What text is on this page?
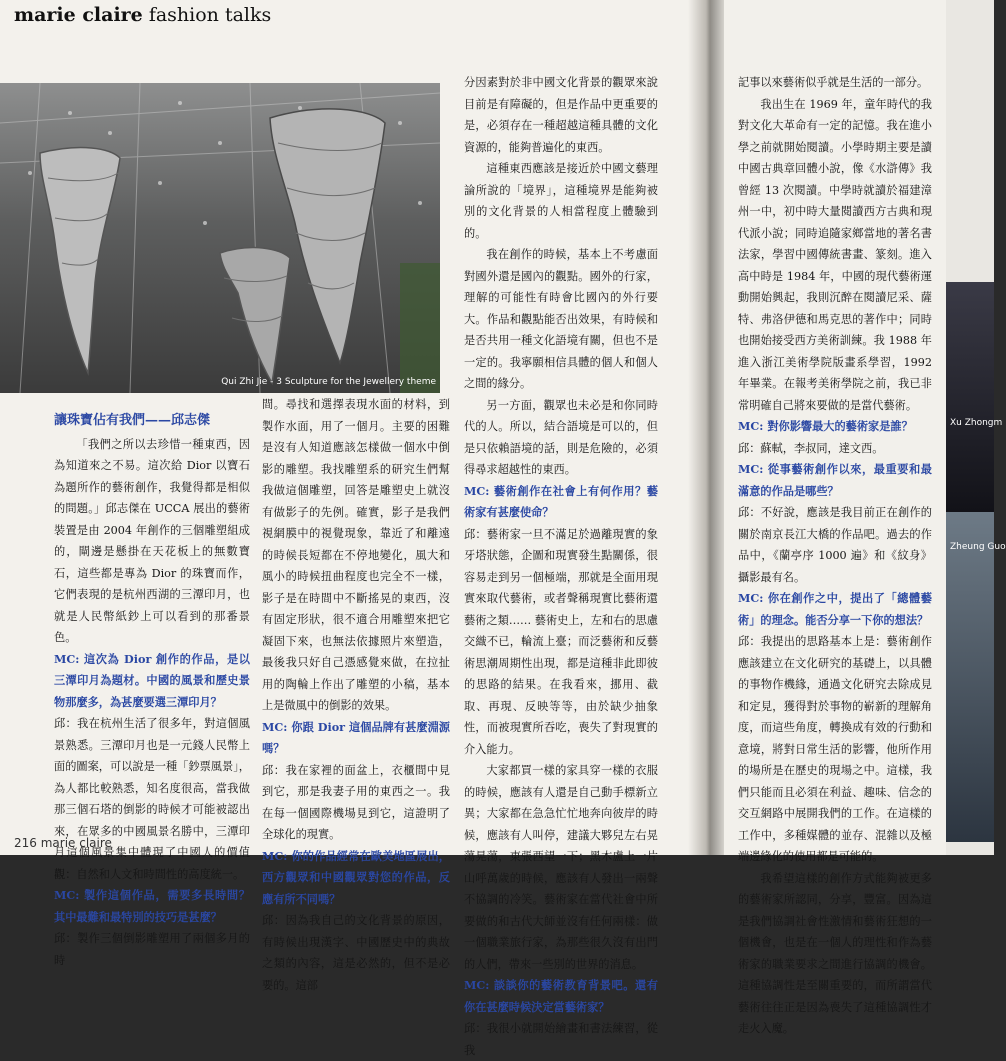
marie claire fashion talks
Qui Zhi Jie - 3 Sculpture for the Jewellery theme

讓珠寶佔有我們——邱志傑

「我們之所以去珍惜一種東西，因為知道來之不易。這次給 Dior 以寶石為題所作的藝術創作，我覺得都是相似的問題。」邱志傑在 UCCA 展出的藝術裝置是由 2004 年創作的三個雕塑組成的，閘邊是懸掛在天花板上的無數寶石，這些都是專為 Dior 的珠寶而作，它們表現的是杭州西湖的三潭印月，也就是人民幣紙鈔上可以看到的那番景色。

MC: 這次為 Dior 創作的作品，是以三潭印月為題材。中國的風景和歷史景物那麼多，為甚麼要選三潭印月？

邱：我在杭州生活了很多年，對這個風景熟悉。三潭印月也是一元錢人民幣上面的圖案，可以說是一種「鈔票風景」，為人都比較熟悉，知名度很高，當我做那三個石塔的倒影的時候才可能被認出來，在眾多的中國風景名勝中，三潭印月這個風景集中體現了中國人的價值觀：自然和人文和時間性的高度統一。

MC: 製作這個作品，需要多長時間？其中最難和最特別的技巧是甚麼？

邱：製作三個倒影雕塑用了兩個多月的時

間。尋找和選擇表現水面的材料，到製作水面，用了一個月。主要的困難是沒有人知道應該怎樣做一個水中倒影的雕塑。我找雕塑系的研究生們幫我做這個雕塑，回答是雕塑史上就沒有做影子的先例。確實，影子是我們視網膜中的視覺現象，靠近了和離遠的時候長短都在不停地變化，風大和風小的時候扭曲程度也完全不一樣，影子是在時間中不斷搖晃的東西，沒有固定形狀，很不適合用雕塑來把它凝固下來，也無法依據照片來塑造，最後我只好自己憑感覺來做，在拉扯用的陶輪上作出了雕塑的小稿，基本上是微風中的倒影的效果。

MC: 你跟 Dior 這個品牌有甚麼淵源嗎？

邱：我在家裡的面盆上，衣櫃間中見到它，那是我妻子用的東西之一。我在每一個國際機場見到它，這證明了全球化的現實。

MC: 你的作品經常在歐美地區展出，西方觀眾和中國觀眾對您的作品，反應有所不同嗎？

邱：因為我自己的文化背景的原因，有時候出現漢字、中國歷史中的典故之類的內容，這是必然的，但不是必要的。這部

分因素對於非中國文化背景的觀眾來說目前是有障礙的，但是作品中更重要的是，必須存在一種超越這種具體的文化資源的，能夠普遍化的東西。

這種東西應該是接近於中國文藝理論所說的「境界」，這種境界是能夠被別的文化背景的人相當程度上體驗到的。

我在創作的時候，基本上不考慮面對國外還是國內的觀點。國外的行家，理解的可能性有時會比國內的外行要大。作品和觀點能否出效果，有時候和是否共用一種文化語境有關，但也不是一定的。我寧願相信具體的個人和個人之間的緣分。

另一方面，觀眾也未必是和你同時代的人。所以，結合語境是可以的，但是只依賴語境的話，則是危險的，必須得尋求超越性的東西。

MC: 藝術創作在社會上有何作用？藝術家有甚麼使命？

邱：藝術家一旦不滿足於過離現實的象牙塔狀態，企圖和現實發生點關係，很容易走到另一個極端，那就是全面用現實來取代藝術，或者聲稱現實比藝術還藝術之類…… 藝術史上，左和右的思慮交織不已，輪流上臺；而泛藝術和反藝術思潮周期性出現，都是這種非此即彼的思路的結果。在我看來，挪用、截取、再現、反映等等，由於缺少抽象性，而被現實所吞吃，喪失了對現實的介入能力。

大家都買一樣的家具穿一樣的衣服的時候，應該有人還是自己動手標新立異；大家都在急急忙忙地奔向彼岸的時候，應該有人叫停，建議大夥兒左右晃蕩晃蕩，東張西望一下；黑木盧上一片山呼萬歲的時候，應該有人發出一兩聲不協調的冷笑。藝術家在當代社會中所要做的和古代大師並沒有任何兩樣：做一個職業旅行家，為那些很久沒有出門的人們，帶來一些別的世界的消息。

MC: 談談你的藝術教育背景吧。還有你在甚麼時候決定當藝術家？

邱：我很小就開始繪畫和書法練習，從我

216 marie claire

記事以來藝術似乎就是生活的一部分。

我出生在 1969 年，童年時代的我對文化大革命有一定的記憶。我在進小學之前就開始閱讀。小學時期主要是讀中國古典章回體小說，像《水滸傳》我曾經 13 次閱讀。中學時就讀於福建漳州一中，初中時大量閱讀西方古典和現代派小說；同時追隨家鄉當地的著名書法家，學習中國傳統書畫、篆刻。進入高中時是 1984 年，中國的現代藝術運動開始興起，我則沉醉在閱讀尼采、薩特、弗洛伊德和馬克思的著作中；同時也開始接受西方美術訓練。我 1988 年進入浙江美術學院版畫系學習，1992 年畢業。在報考美術學院之前，我已非常明確自己將來要做的是當代藝術。

MC: 對你影響最大的藝術家是誰？

邱：蘇軾，李叔同，達文西。

MC: 從事藝術創作以來，最重要和最滿意的作品是哪些？

邱：不好說，應該是我目前正在創作的關於南京長江大橋的作品吧。過去的作品中，《蘭亭序 1000 遍》和《紋身》攝影最有名。

MC: 你在創作之中，提出了「總體藝術」的理念。能否分享一下你的想法？

邱：我提出的思路基本上是：藝術創作應該建立在文化研究的基礎上，以具體的事物作機緣，通過文化研究去除成見和定見，獲得對於事物的嶄新的理解角度，而這些角度，轉換成有效的行動和意境，將對日常生活的影響，他所作用的場所是在歷史的現場之中。這樣，我們只能而且必須在利益、趣味、信念的交互網路中展開我們的工作。在這樣的工作中，多種媒體的並存、混雜以及極端邊緣化的使用都是可能的。

我希望這樣的創作方式能夠被更多的藝術家所認同，分享，豐富。因為這是我們協調社會性激情和藝術狂想的一個機會，也是在一個人的理性和作為藝術家的職業要求之間進行協調的機會。這種協調性是至關重要的，而所謂當代藝術往往正是因為喪失了這種協調性才走火入魔。

Xu Zhongm
Zheung Guo
